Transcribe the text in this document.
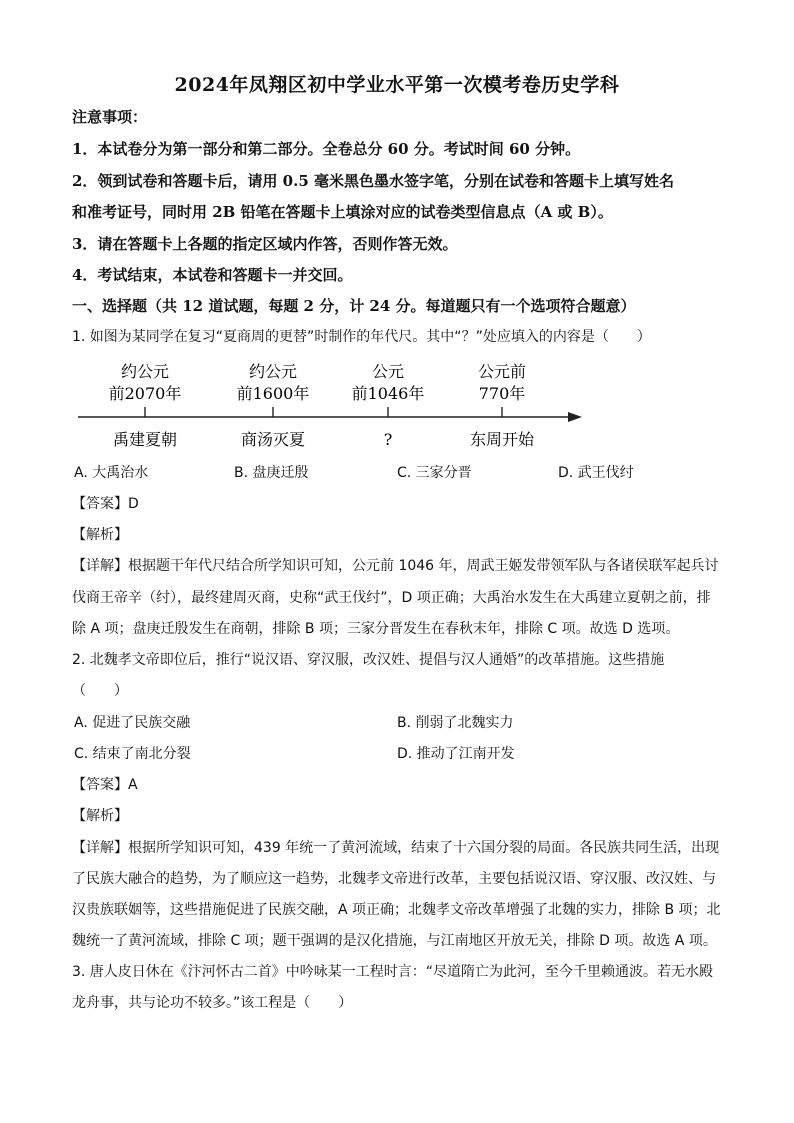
2024年凤翔区初中学业水平第一次模考卷历史学科
注意事项：
1．本试卷分为第一部分和第二部分。全卷总分 60 分。考试时间 60 分钟。
2．领到试卷和答题卡后，请用 0.5 毫米黑色墨水签字笔，分别在试卷和答题卡上填写姓名
和准考证号，同时用 2B 铅笔在答题卡上填涂对应的试卷类型信息点（A 或 B）。
3．请在答题卡上各题的指定区域内作答，否则作答无效。
4．考试结束，本试卷和答题卡一并交回。
一、选择题（共 12 道试题，每题 2 分，计 24 分。每道题只有一个选项符合题意）
1. 如图为某同学在复习“夏商周的更替”时制作的年代尺。其中“？”处应填入的内容是（　　）
约公元
前2070年
禹建夏朝
约公元
前1600年
商汤灭夏
公元
前1046年
?
公元前
770年
东周开始
A. 大禹治水	B. 盘庚迁殷	C. 三家分晋	D. 武王伐纣
【答案】D
【解析】
【详解】根据题干年代尺结合所学知识可知，公元前 1046 年，周武王姬发带领军队与各诸侯联军起兵讨
伐商王帝辛（纣），最终建周灭商，史称“武王伐纣”，D 项正确；大禹治水发生在大禹建立夏朝之前，排
除 A 项；盘庚迁殷发生在商朝，排除 B 项；三家分晋发生在春秋末年，排除 C 项。故选 D 选项。
2. 北魏孝文帝即位后，推行“说汉语、穿汉服，改汉姓、提倡与汉人通婚”的改革措施。这些措施
（　　）
A. 促进了民族交融	B. 削弱了北魏实力
C. 结束了南北分裂	D. 推动了江南开发
【答案】A
【解析】
【详解】根据所学知识可知，439 年统一了黄河流域，结束了十六国分裂的局面。各民族共同生活，出现
了民族大融合的趋势，为了顺应这一趋势，北魏孝文帝进行改革，主要包括说汉语、穿汉服、改汉姓、与
汉贵族联姻等，这些措施促进了民族交融，A 项正确；北魏孝文帝改革增强了北魏的实力，排除 B 项；北
魏统一了黄河流域，排除 C 项；题干强调的是汉化措施，与江南地区开放无关，排除 D 项。故选 A 项。
3. 唐人皮日休在《汴河怀古二首》中吟咏某一工程时言：“尽道隋亡为此河，至今千里赖通波。若无水殿
龙舟事，共与论功不较多。”该工程是（　　）
